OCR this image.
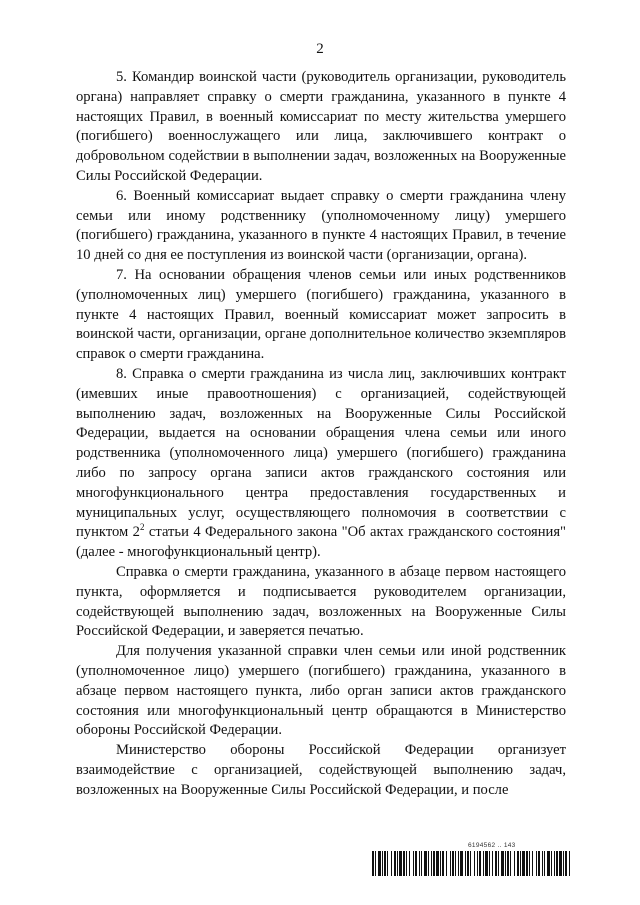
2

5. Командир воинской части (руководитель организации, руководитель органа) направляет справку о смерти гражданина, указанного в пункте 4 настоящих Правил, в военный комиссариат по месту жительства умершего (погибшего) военнослужащего или лица, заключившего контракт о добровольном содействии в выполнении задач, возложенных на Вооруженные Силы Российской Федерации.

6. Военный комиссариат выдает справку о смерти гражданина члену семьи или иному родственнику (уполномоченному лицу) умершего (погибшего) гражданина, указанного в пункте 4 настоящих Правил, в течение 10 дней со дня ее поступления из воинской части (организации, органа).

7. На основании обращения членов семьи или иных родственников (уполномоченных лиц) умершего (погибшего) гражданина, указанного в пункте 4 настоящих Правил, военный комиссариат может запросить в воинской части, организации, органе дополнительное количество экземпляров справок о смерти гражданина.

8. Справка о смерти гражданина из числа лиц, заключивших контракт (имевших иные правоотношения) с организацией, содействующей выполнению задач, возложенных на Вооруженные Силы Российской Федерации, выдается на основании обращения члена семьи или иного родственника (уполномоченного лица) умершего (погибшего) гражданина либо по запросу органа записи актов гражданского состояния или многофункционального центра предоставления государственных и муниципальных услуг, осуществляющего полномочия в соответствии с пунктом $2^2$ статьи 4 Федерального закона "Об актах гражданского состояния" (далее - многофункциональный центр).

Справка о смерти гражданина, указанного в абзаце первом настоящего пункта, оформляется и подписывается руководителем организации, содействующей выполнению задач, возложенных на Вооруженные Силы Российской Федерации, и заверяется печатью.

Для получения указанной справки член семьи или иной родственник (уполномоченное лицо) умершего (погибшего) гражданина, указанного в абзаце первом настоящего пункта, либо орган записи актов гражданского состояния или многофункциональный центр обращаются в Министерство обороны Российской Федерации.

Министерство обороны Российской Федерации организует взаимодействие с организацией, содействующей выполнению задач, возложенных на Вооруженные Силы Российской Федерации, и после

6194562 .. 143
